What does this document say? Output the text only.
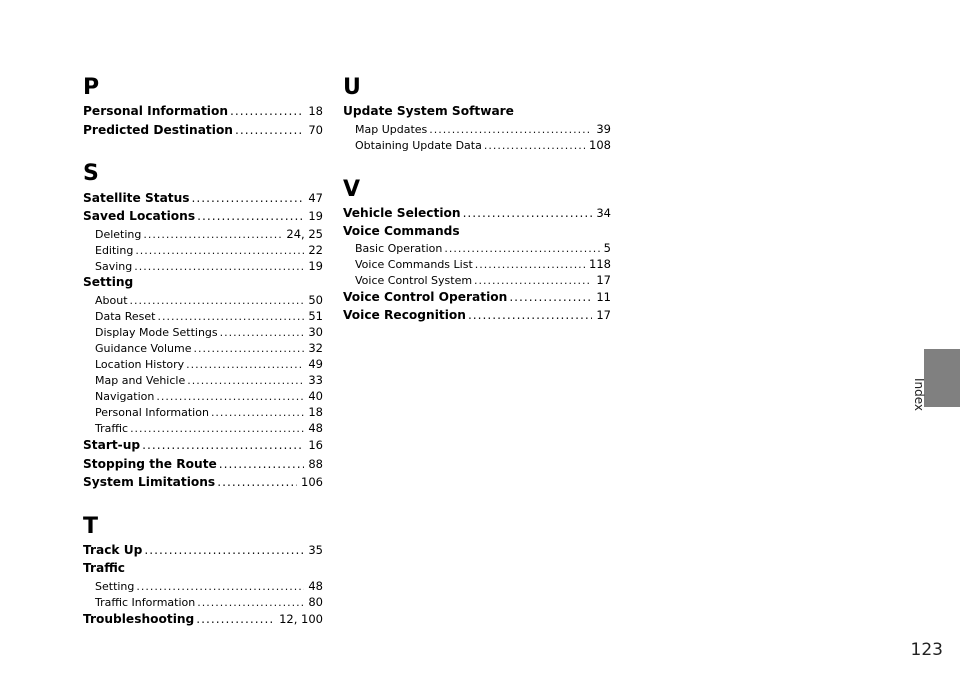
P
Personal Information .....	18
Predicted Destination .....	70
S
Satellite Status .....	47
Saved Locations .....	19
Deleting .....	24, 25
Editing .....	22
Saving .....	19
Setting
About .....	50
Data Reset .....	51
Display Mode Settings .....	30
Guidance Volume .....	32
Location History .....	49
Map and Vehicle .....	33
Navigation .....	40
Personal Information .....	18
Traffic .....	48
Start-up .....	16
Stopping the Route .....	88
System Limitations .....	106
T
Track Up .....	35
Traffic
Setting .....	48
Traffic Information .....	80
Troubleshooting .....	12, 100
U
Update System Software
Map Updates .....	39
Obtaining Update Data .....	108
V
Vehicle Selection .....	34
Voice Commands
Basic Operation .....	5
Voice Commands List .....	118
Voice Control System .....	17
Voice Control Operation .....	11
Voice Recognition .....	17
Index
123
